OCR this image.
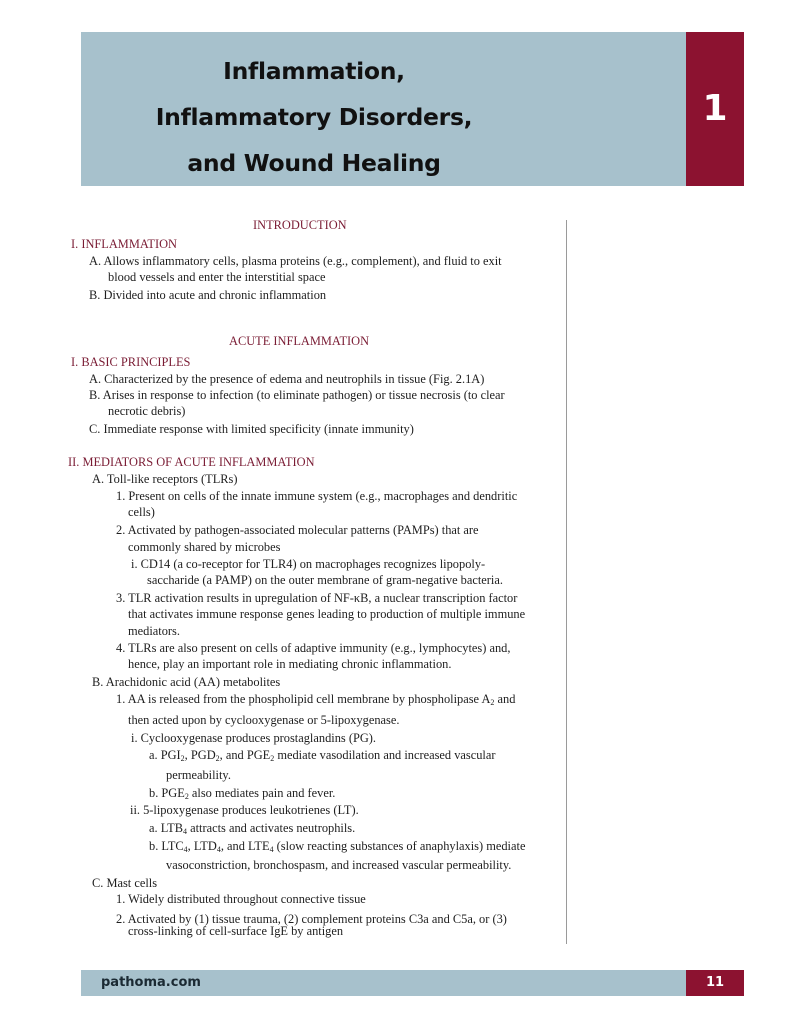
Inflammation,
Inflammatory Disorders,
and Wound Healing
1
INTRODUCTION
I. INFLAMMATION
A. Allows inflammatory cells, plasma proteins (e.g., complement), and fluid to exit
blood vessels and enter the interstitial space
B. Divided into acute and chronic inflammation
ACUTE INFLAMMATION
I. BASIC PRINCIPLES
A. Characterized by the presence of edema and neutrophils in tissue (Fig. 2.1A)
B. Arises in response to infection (to eliminate pathogen) or tissue necrosis (to clear
necrotic debris)
C. Immediate response with limited specificity (innate immunity)
II. MEDIATORS OF ACUTE INFLAMMATION
A. Toll-like receptors (TLRs)
1. Present on cells of the innate immune system (e.g., macrophages and dendritic
cells)
2. Activated by pathogen-associated molecular patterns (PAMPs) that are
commonly shared by microbes
i. CD14 (a co-receptor for TLR4) on macrophages recognizes lipopoly-
saccharide (a PAMP) on the outer membrane of gram-negative bacteria.
3. TLR activation results in upregulation of NF-κB, a nuclear transcription factor
that activates immune response genes leading to production of multiple immune
mediators.
4. TLRs are also present on cells of adaptive immunity (e.g., lymphocytes) and,
hence, play an important role in mediating chronic inflammation.
B. Arachidonic acid (AA) metabolites
1. AA is released from the phospholipid cell membrane by phospholipase $A_2$ and
then acted upon by cyclooxygenase or 5-lipoxygenase.
i. Cyclooxygenase produces prostaglandins (PG).
a. $PGI_2$, $PGD_2$, and $PGE_2$ mediate vasodilation and increased vascular
permeability.
b. $PGE_2$ also mediates pain and fever.
ii. 5-lipoxygenase produces leukotrienes (LT).
a. $LTB_4$ attracts and activates neutrophils.
b. $LTC_4$, $LTD_4$, and $LTE_4$ (slow reacting substances of anaphylaxis) mediate
vasoconstriction, bronchospasm, and increased vascular permeability.
C. Mast cells
1. Widely distributed throughout connective tissue
2. Activated by (1) tissue trauma, (2) complement proteins C3a and C5a, or (3)
cross-linking of cell-surface IgE by antigen
pathoma.com	11
